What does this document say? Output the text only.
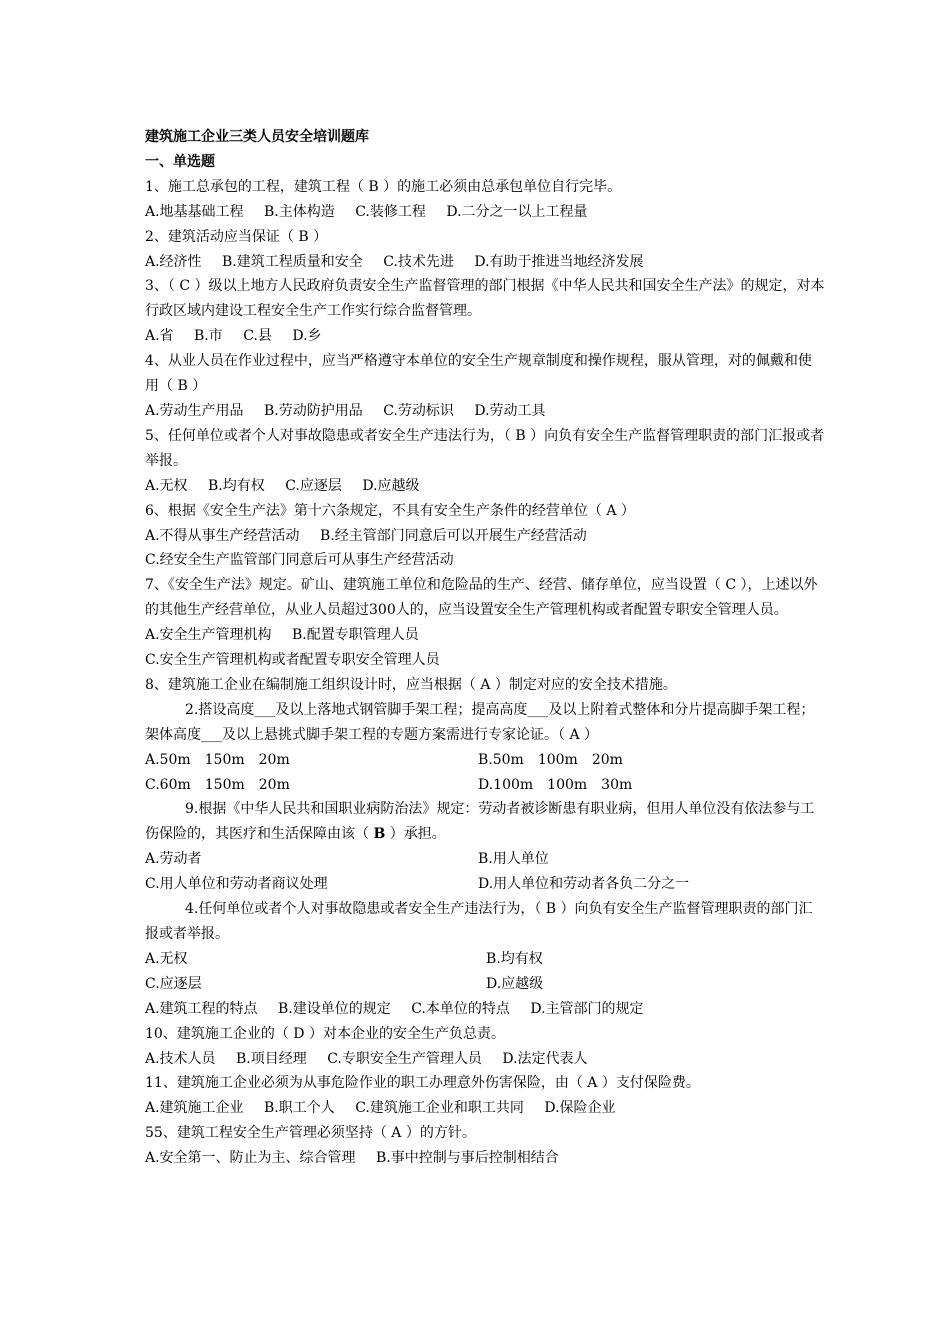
建筑施工企业三类人员安全培训题库
一、单选题
1、施工总承包的工程，建筑工程（ B ）的施工必须由总承包单位自行完毕。
A.地基基础工程 B.主体构造 C.装修工程 D.二分之一以上工程量
2、建筑活动应当保证（ B ）
A.经济性 B.建筑工程质量和安全 C.技术先进 D.有助于推进当地经济发展
3、（ C ）级以上地方人民政府负责安全生产监督管理的部门根据《中华人民共和国安全生产法》的规定，对本行政区域内建设工程安全生产工作实行综合监督管理。
A.省 B.市 C.县 D.乡
4、从业人员在作业过程中，应当严格遵守本单位的安全生产规章制度和操作规程，服从管理，对的佩戴和使用（ B ）
A.劳动生产用品 B.劳动防护用品 C.劳动标识 D.劳动工具
5、任何单位或者个人对事故隐患或者安全生产违法行为，（ B ）向负有安全生产监督管理职责的部门汇报或者举报。
A.无权 B.均有权 C.应逐层 D.应越级
6、根据《安全生产法》第十六条规定，不具有安全生产条件的经营单位（ A ）
A.不得从事生产经营活动 B.经主管部门同意后可以开展生产经营活动
C.经安全生产监管部门同意后可从事生产经营活动
7、《安全生产法》规定。矿山、建筑施工单位和危险品的生产、经营、储存单位，应当设置（ C ），上述以外的其他生产经营单位，从业人员超过300人的，应当设置安全生产管理机构或者配置专职安全管理人员。
A.安全生产管理机构 B.配置专职管理人员
C.安全生产管理机构或者配置专职安全管理人员
8、建筑施工企业在编制施工组织设计时，应当根据（ A ）制定对应的安全技术措施。
2.搭设高度___及以上落地式钢管脚手架工程；提高高度___及以上附着式整体和分片提高脚手架工程；架体高度___及以上悬挑式脚手架工程的专题方案需进行专家论证。（ A ）
A.50m　150m　20m	B.50m　100m　20m
C.60m　150m　20m	D.100m　100m　30m
9.根据《中华人民共和国职业病防治法》规定：劳动者被诊断患有职业病，但用人单位没有依法参与工伤保险的，其医疗和生活保障由该（ B ）承担。
A.劳动者	B.用人单位
C.用人单位和劳动者商议处理	D.用人单位和劳动者各负二分之一
4.任何单位或者个人对事故隐患或者安全生产违法行为，（ B ）向负有安全生产监督管理职责的部门汇报或者举报。
A.无权	B.均有权
C.应逐层	D.应越级
A.建筑工程的特点 B.建设单位的规定 C.本单位的特点 D.主管部门的规定
10、建筑施工企业的（ D ）对本企业的安全生产负总责。
A.技术人员 B.项目经理 C.专职安全生产管理人员 D.法定代表人
11、建筑施工企业必须为从事危险作业的职工办理意外伤害保险，由（ A ）支付保险费。
A.建筑施工企业 B.职工个人 C.建筑施工企业和职工共同 D.保险企业
55、建筑工程安全生产管理必须坚持（ A ）的方针。
A.安全第一、防止为主、综合管理 B.事中控制与事后控制相结合
